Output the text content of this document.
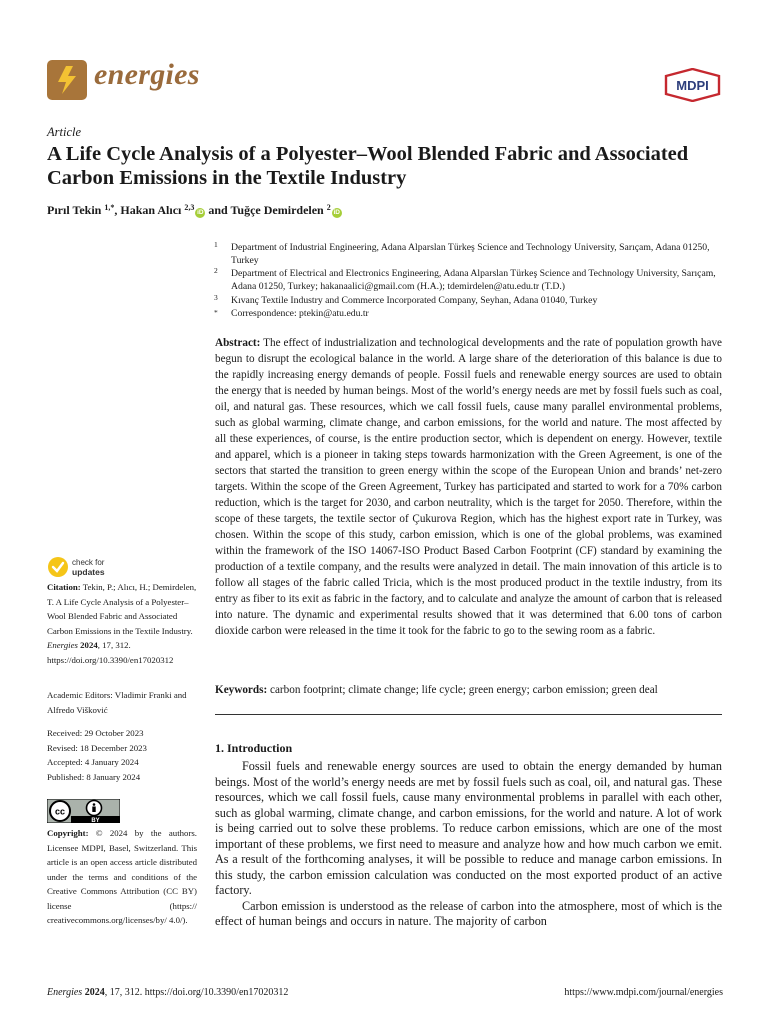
energies	MDPI
Article
A Life Cycle Analysis of a Polyester–Wool Blended Fabric and Associated Carbon Emissions in the Textile Industry
Pırıl Tekin $^{1,*}$, Hakan Alıcı $^{2,3}$iD and Tuğçe Demirdelen $^2$iD
1	Department of Industrial Engineering, Adana Alparslan Türkeş Science and Technology University, Sarıçam, Adana 01250, Turkey
2	Department of Electrical and Electronics Engineering, Adana Alparslan Türkeş Science and Technology University, Sarıçam, Adana 01250, Turkey; hakanaalici@gmail.com (H.A.); tdemirdelen@atu.edu.tr (T.D.)
3	Kıvanç Textile Industry and Commerce Incorporated Company, Seyhan, Adana 01040, Turkey
*	Correspondence: ptekin@atu.edu.tr
Abstract: The effect of industrialization and technological developments and the rate of population growth have begun to disrupt the ecological balance in the world. A large share of the deterioration of this balance is due to the rapidly increasing energy demands of people. Fossil fuels and renewable energy sources are used to obtain the energy that is needed by human beings. Most of the world’s energy needs are met by fossil fuels such as coal, oil, and natural gas. These resources, which we call fossil fuels, cause many parallel environmental problems, such as global warming, climate change, and carbon emissions, for the world and nature. The most affected by all these experiences, of course, is the entire production sector, which is dependent on energy. However, textile and apparel, which is a pioneer in taking steps towards harmonization with the Green Agreement, is one of the sectors that started the transition to green energy within the scope of the European Union and brands’ net-zero targets. Within the scope of the Green Agreement, Turkey has participated and started to work for a 70% carbon reduction, which is the target for 2030, and carbon neutrality, which is the target for 2050. Therefore, within the scope of these targets, the textile sector of Çukurova Region, which has the highest export rate in Turkey, was chosen. Within the scope of this study, carbon emission, which is one of the global problems, was examined within the framework of the ISO 14067-ISO Product Based Carbon Footprint (CF) standard by examining the production of a textile company, and the results were analyzed in detail. The main innovation of this article is to follow all stages of the fabric called Tricia, which is the most produced product in the textile industry, from its entry as fiber to its exit as fabric in the factory, and to calculate and analyze the amount of carbon that is released into nature. The dynamic and experimental results showed that it was determined that 6.00 tons of carbon dioxide carbon were released in the time it took for the fabric to go to the sewing room as a fabric.
Keywords: carbon footprint; climate change; life cycle; green energy; carbon emission; green deal
1. Introduction

Fossil fuels and renewable energy sources are used to obtain the energy demanded by human beings. Most of the world’s energy needs are met by fossil fuels such as coal, oil, and natural gas. These resources, which we call fossil fuels, cause many environmental problems in parallel with each other, such as global warming, climate change, and carbon emissions, for the world and nature. A lot of work is being carried out to solve these problems. To reduce carbon emissions, which are one of the most important of these problems, we first need to measure and analyze how and how much carbon we emit. As a result of the forthcoming analyses, it will be possible to reduce and manage carbon emissions. In this study, the carbon emission calculation was conducted on the most exported product of an active factory.

Carbon emission is understood as the release of carbon into the atmosphere, most of which is the effect of human beings and occurs in nature. The majority of carbon

check for
updates
Citation: Tekin, P.; Alıcı, H.; Demirdelen, T. A Life Cycle Analysis of a Polyester–Wool Blended Fabric and Associated Carbon Emissions in the Textile Industry. Energies 2024, 17, 312. https://doi.org/10.3390/en17020312
Academic Editors: Vladimir Franki and Alfredo Višković
Received: 29 October 2023
Revised: 18 December 2023
Accepted: 4 January 2024
Published: 8 January 2024
cc
BY
Copyright: © 2024 by the authors. Licensee MDPI, Basel, Switzerland. This article is an open access article distributed under the terms and conditions of the Creative Commons Attribution (CC BY) license (https:// creativecommons.org/licenses/by/ 4.0/).
Energies 2024, 17, 312. https://doi.org/10.3390/en17020312	https://www.mdpi.com/journal/energies
